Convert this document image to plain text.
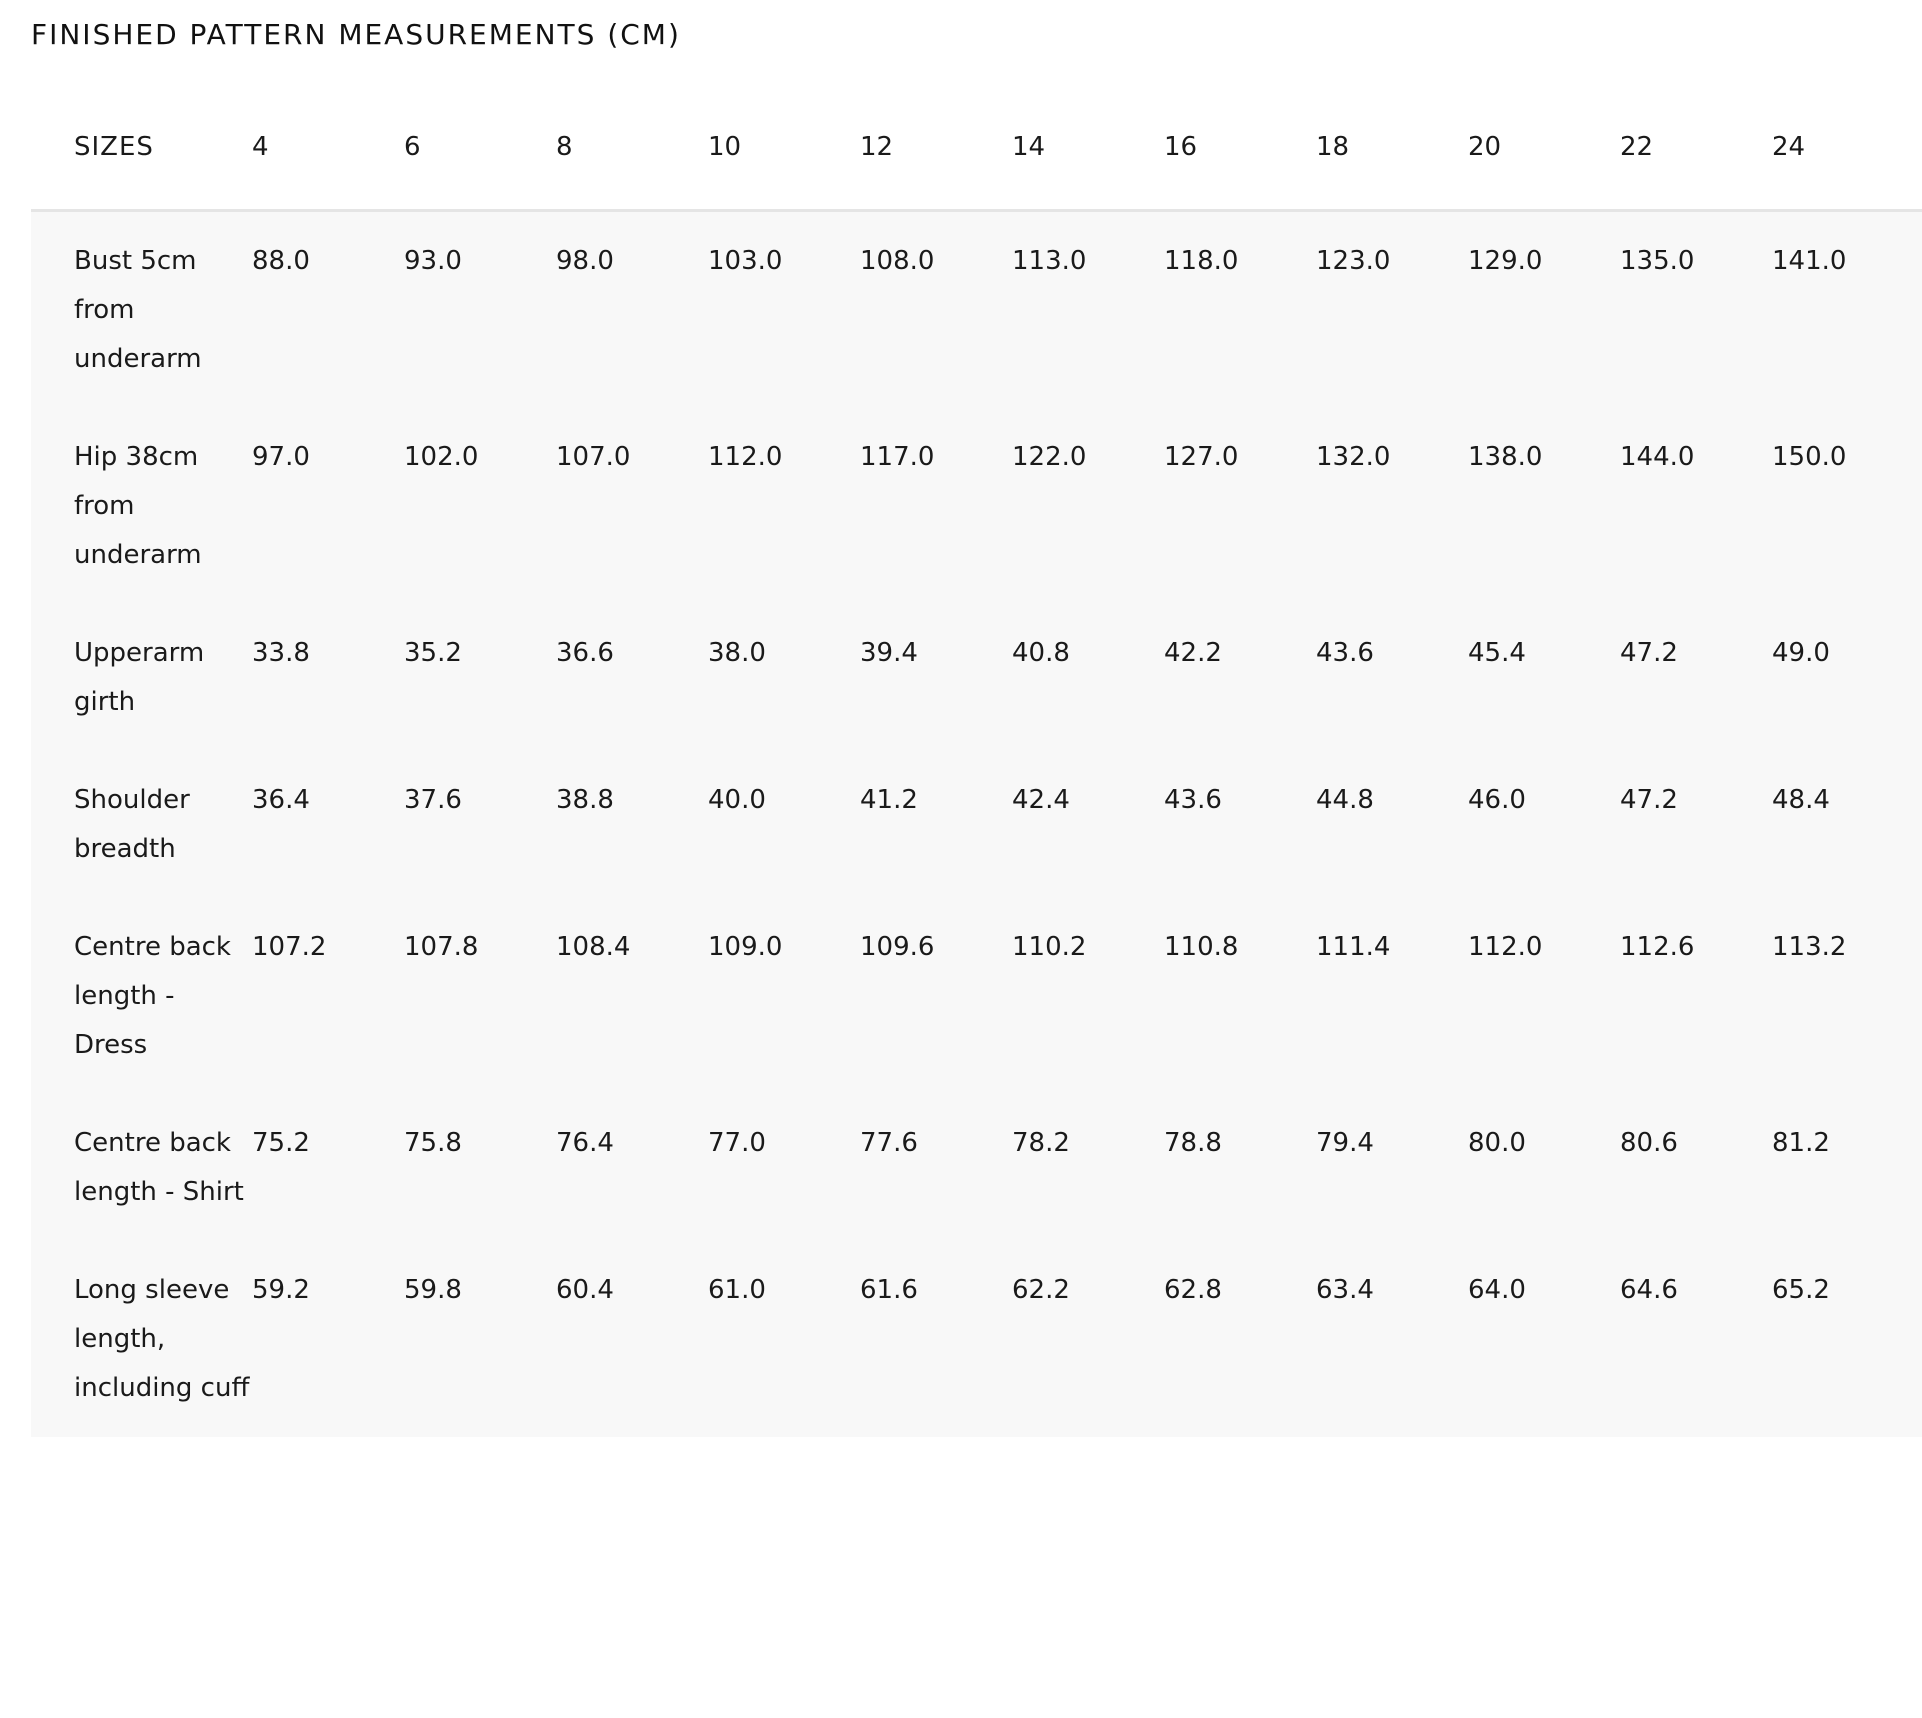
FINISHED PATTERN MEASUREMENTS (CM)
SIZES	4	6	8	10	12	14	16	18	20	22	24
Bust 5cm from underarm	88.0	93.0	98.0	103.0	108.0	113.0	118.0	123.0	129.0	135.0	141.0
Hip 38cm from underarm	97.0	102.0	107.0	112.0	117.0	122.0	127.0	132.0	138.0	144.0	150.0
Upperarm girth	33.8	35.2	36.6	38.0	39.4	40.8	42.2	43.6	45.4	47.2	49.0
Shoulder breadth	36.4	37.6	38.8	40.0	41.2	42.4	43.6	44.8	46.0	47.2	48.4
Centre back length - Dress	107.2	107.8	108.4	109.0	109.6	110.2	110.8	111.4	112.0	112.6	113.2
Centre back length - Shirt	75.2	75.8	76.4	77.0	77.6	78.2	78.8	79.4	80.0	80.6	81.2
Long sleeve length, including cuff	59.2	59.8	60.4	61.0	61.6	62.2	62.8	63.4	64.0	64.6	65.2
